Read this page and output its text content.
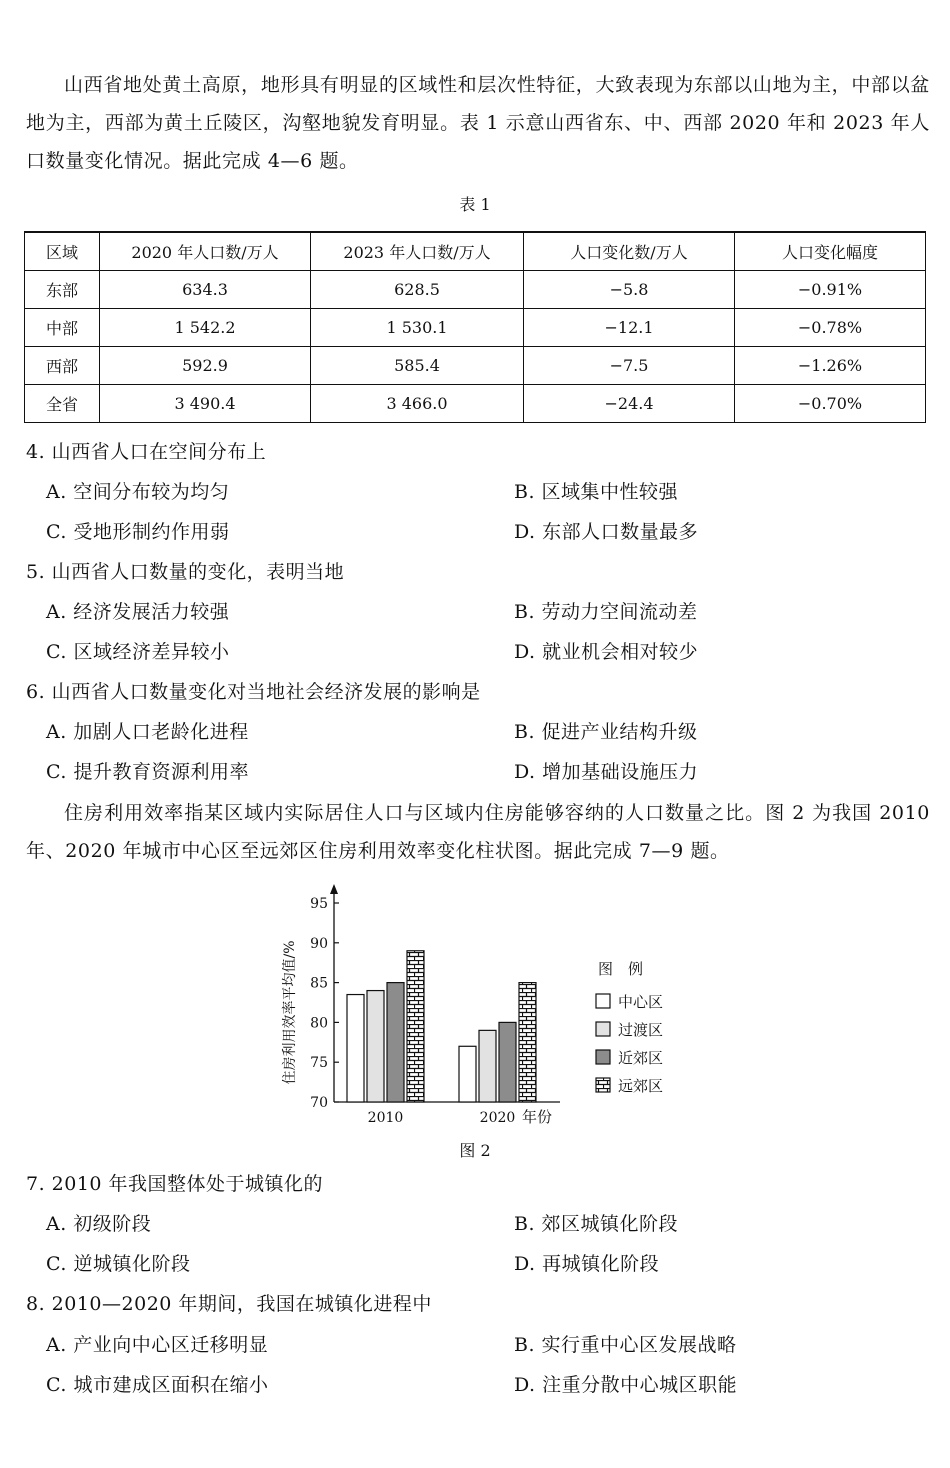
山西省地处黄土高原，地形具有明显的区域性和层次性特征，大致表现为东部以山地为主，中部以盆地为主，西部为黄土丘陵区，沟壑地貌发育明显。表 1 示意山西省东、中、西部 2020 年和 2023 年人口数量变化情况。据此完成 4—6 题。

表 1
区域	2020 年人口数/万人	2023 年人口数/万人	人口变化数/万人	人口变化幅度
东部	634.3	628.5	−5.8	−0.91%
中部	1 542.2	1 530.1	−12.1	−0.78%
西部	592.9	585.4	−7.5	−1.26%
全省	3 490.4	3 466.0	−24.4	−0.70%
4. 山西省人口在空间分布上
A. 空间分布较为均匀	B. 区域集中性较强
C. 受地形制约作用弱	D. 东部人口数量最多
5. 山西省人口数量的变化，表明当地
A. 经济发展活力较强	B. 劳动力空间流动差
C. 区域经济差异较小	D. 就业机会相对较少
6. 山西省人口数量变化对当地社会经济发展的影响是
A. 加剧人口老龄化进程	B. 促进产业结构升级
C. 提升教育资源利用率	D. 增加基础设施压力

住房利用效率指某区域内实际居住人口与区域内住房能够容纳的人口数量之比。图 2 为我国 2010 年、2020 年城市中心区至远郊区住房利用效率变化柱状图。据此完成 7—9 题。

70
75
80
85
90
95
住房利用效率平均值/%
2010	2020 年份
图　例
中心区
过渡区
近郊区
远郊区
图 2
7. 2010 年我国整体处于城镇化的
A. 初级阶段	B. 郊区城镇化阶段
C. 逆城镇化阶段	D. 再城镇化阶段
8. 2010—2020 年期间，我国在城镇化进程中
A. 产业向中心区迁移明显	B. 实行重中心区发展战略
C. 城市建成区面积在缩小	D. 注重分散中心城区职能
